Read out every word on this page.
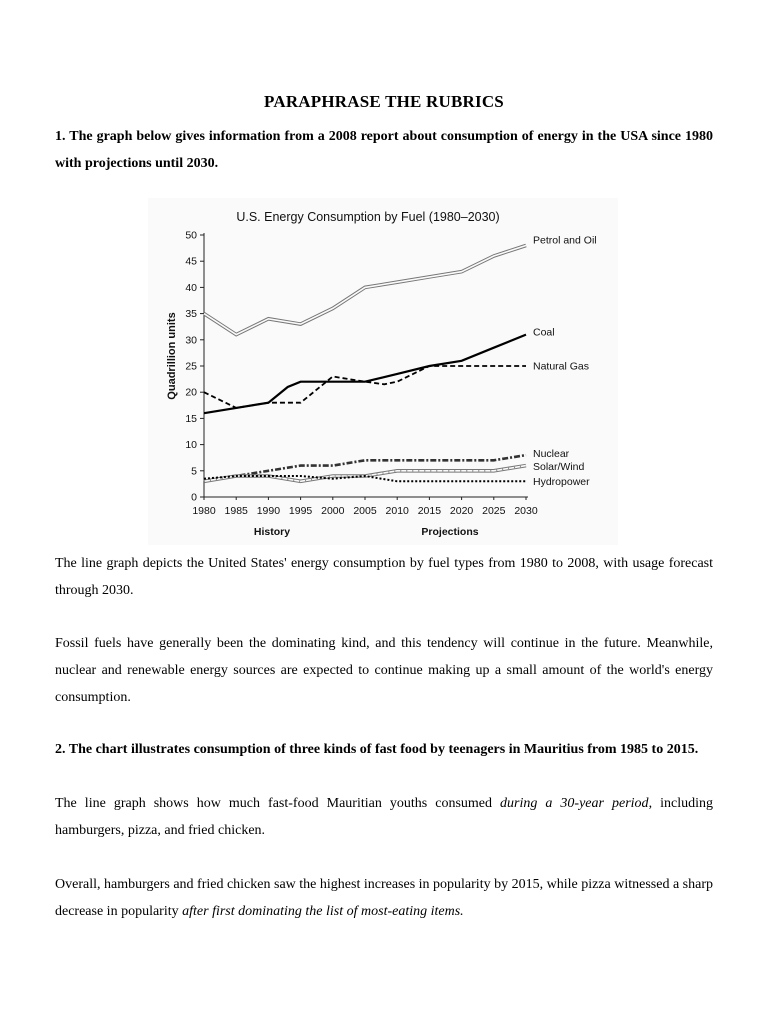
PARAPHRASE THE RUBRICS
1. The graph below gives information from a 2008 report about consumption of energy in the USA since 1980 with projections until 2030.
U.S. Energy Consumption by Fuel (1980–2030)
Quadrillion units
History	Projections
0
5
10
15
20
25
30
35
40
45
50
1980 1985 1990 1995 2000 2005 2010 2015 2020 2025 2030
Petrol and Oil
Coal
Natural Gas
Nuclear
Solar/Wind
Hydropower
The line graph depicts the United States' energy consumption by fuel types from 1980 to 2008, with usage forecast through 2030.
Fossil fuels have generally been the dominating kind, and this tendency will continue in the future. Meanwhile, nuclear and renewable energy sources are expected to continue making up a small amount of the world's energy consumption.
2. The chart illustrates consumption of three kinds of fast food by teenagers in Mauritius from 1985 to 2015.
The line graph shows how much fast-food Mauritian youths consumed during a 30-year period, including hamburgers, pizza, and fried chicken.
Overall, hamburgers and fried chicken saw the highest increases in popularity by 2015, while pizza witnessed a sharp decrease in popularity after first dominating the list of most-eating items.
